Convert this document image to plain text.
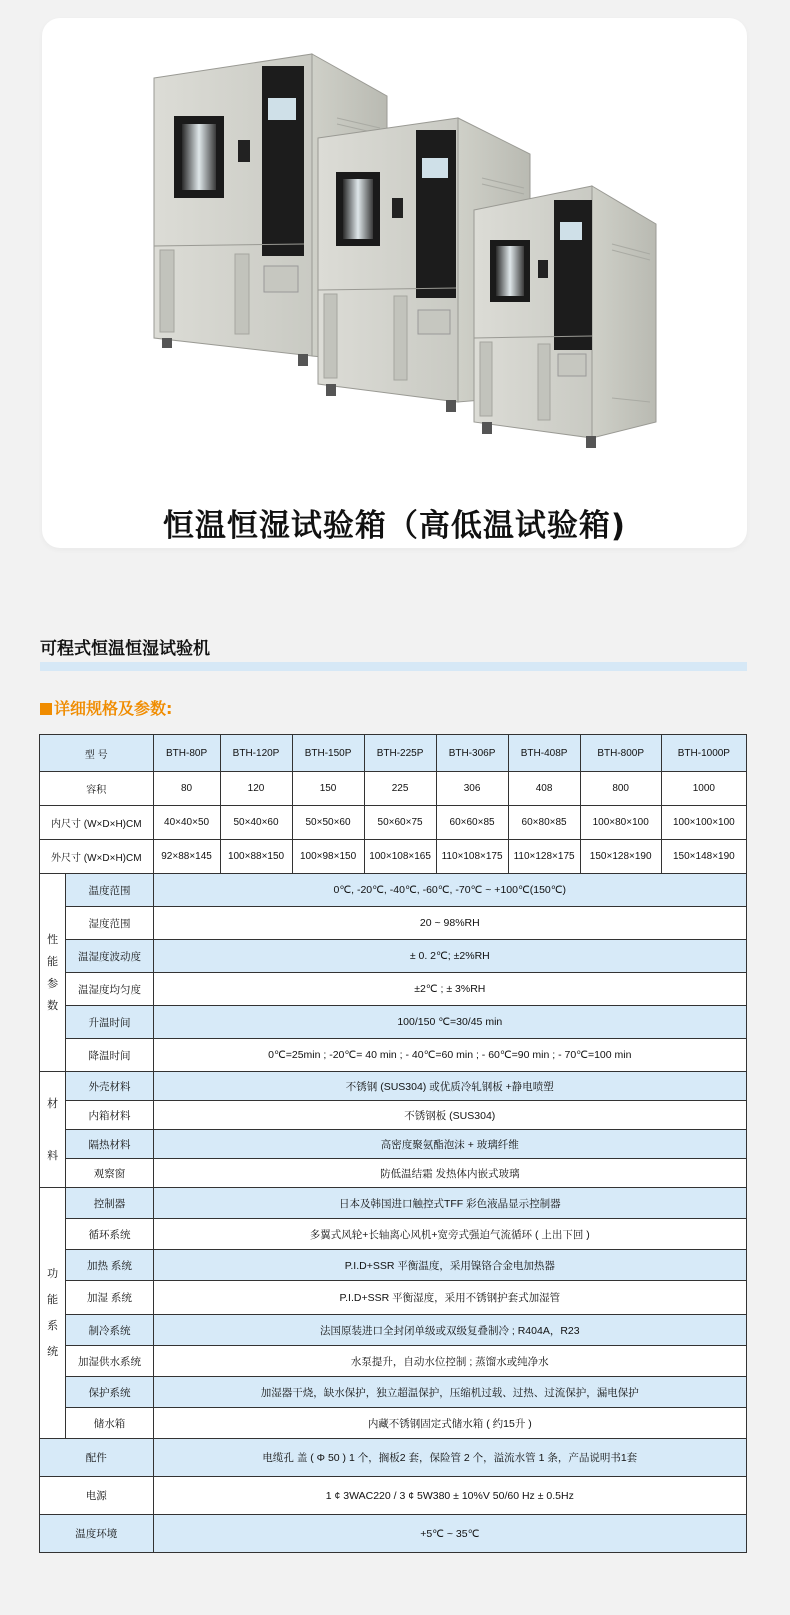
恒温恒湿试验箱（高低温试验箱)
可程式恒温恒湿试验机
详细规格及参数:
型 号		BTH-80P	BTH-120P	BTH-150P	BTH-225P	BTH-306P	BTH-408P	BTH-800P	BTH-1000P
容积		80	120	150	225	306	408	800	1000
内尺寸 (W×D×H)CM		40×40×50	50×40×60	50×50×60	50×60×75	60×60×85	60×80×85	100×80×100	100×100×100
外尺寸 (W×D×H)CM		92×88×145	100×88×150	100×98×150	100×108×165	110×108×175	110×128×175	150×128×190	150×148×190
性能参数	温度范围	0℃, -20℃, -40℃, -60℃, -70℃ ~ +100℃(150℃)							
	湿度范围	20 ~ 98%RH							
	温湿度波动度	± 0. 2℃; ±2%RH							
	温湿度均匀度	±2℃ ; ± 3%RH							
	升温时间	100/150 ℃=30/45 min							
	降温时间	0℃=25min ; -20℃= 40 min ; - 40℃=60 min ; - 60℃=90 min ; - 70℃=100 min							
材料	外壳材料	不锈钢 (SUS304) 或优质冷轧钢板 +静电喷塑							
	内箱材料	不锈钢板 (SUS304)							
	隔热材料	高密度聚氨酯泡沫 + 玻璃纤维							
	观察窗	防低温结霜 发热体内嵌式玻璃							
功能系统	控制器	日本及韩国进口触控式TFF 彩色液晶显示控制器							
	循环系统	多翼式风轮+长轴离心风机+宽旁式强迫气流循环 ( 上出下回 )							
	加热 系统	P.I.D+SSR 平衡温度，采用镍铬合金电加热器							
	加湿 系统	P.I.D+SSR 平衡湿度，采用不锈钢护套式加湿管							
	制冷系统	法国原装进口全封闭单级或双级复叠制冷 ; R404A，R23							
	加湿供水系统	水泵提升，自动水位控制 ; 蒸馏水或纯净水							
	保护系统	加湿器干烧，缺水保护，独立超温保护，压缩机过载、过热、过流保护，漏电保护							
	储水箱	内藏不锈钢固定式储水箱 ( 约15升 )							
配件		电缆孔 盖 ( Φ 50 ) 1 个，搁板2 套，保险管 2 个，溢流水管 1 条，产品说明书1套							
电源		1 ¢ 3WAC220 / 3 ¢ 5W380 ± 10%V 50/60 Hz ± 0.5Hz							
温度环境		+5℃ ~ 35℃							
